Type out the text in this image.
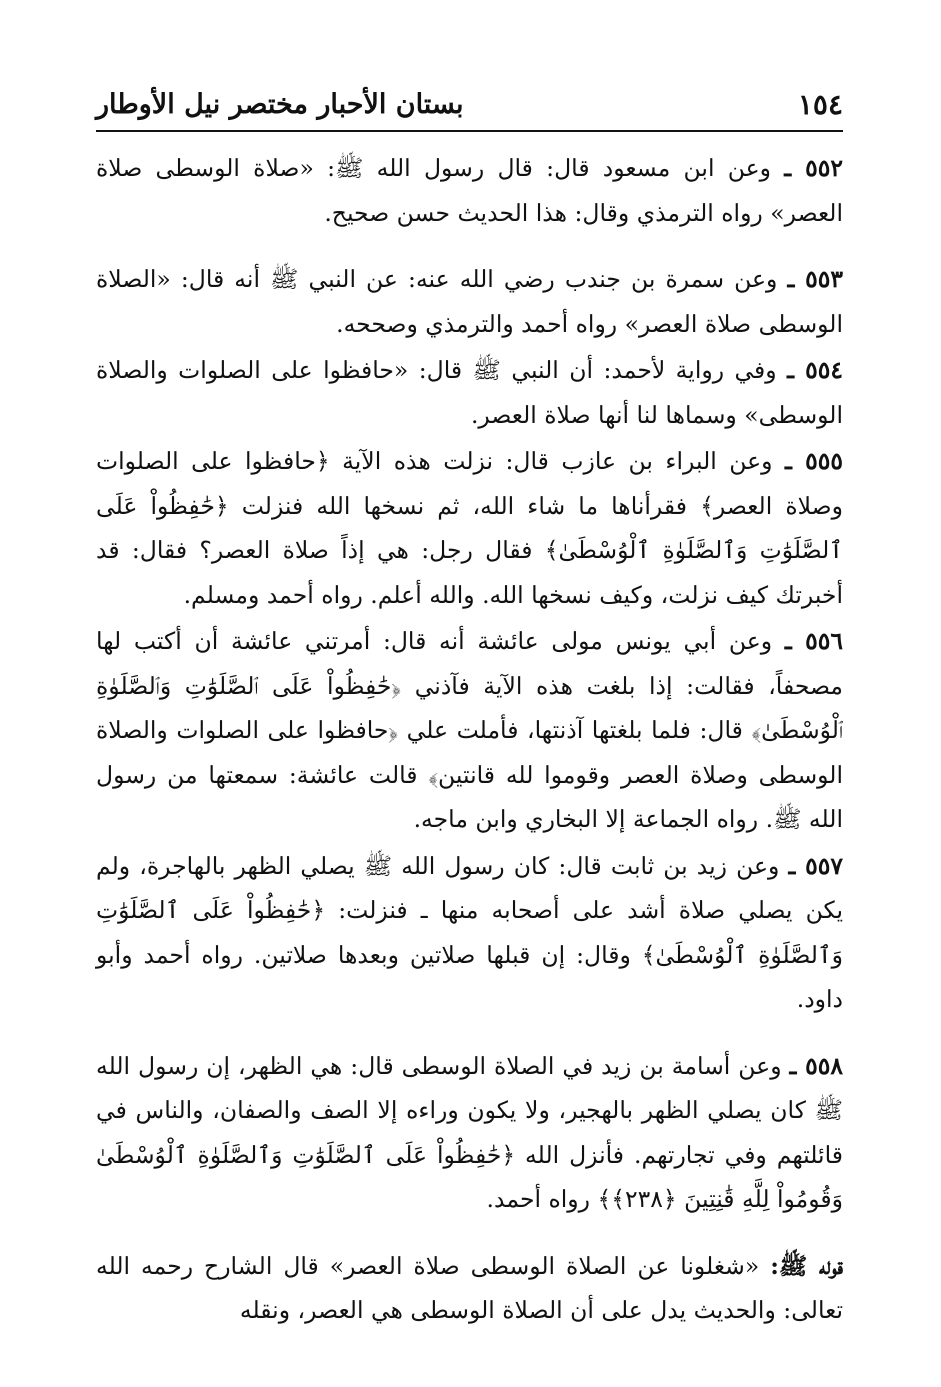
١٥٤
بستان الأحبار مختصر نيل الأوطار

٥٥٢ ـ وعن ابن مسعود قال: قال رسول الله ﷺ: «صلاة الوسطى صلاة العصر» رواه الترمذي وقال: هذا الحديث حسن صحيح.

٥٥٣ ـ وعن سمرة بن جندب رضي الله عنه: عن النبي ﷺ أنه قال: «الصلاة الوسطى صلاة العصر» رواه أحمد والترمذي وصححه.

٥٥٤ ـ وفي رواية لأحمد: أن النبي ﷺ قال: «حافظوا على الصلوات والصلاة الوسطى» وسماها لنا أنها صلاة العصر.

٥٥٥ ـ وعن البراء بن عازب قال: نزلت هذه الآية ﴿حافظوا على الصلوات وصلاة العصر﴾ فقرأناها ما شاء الله، ثم نسخها الله فنزلت ﴿حَٰفِظُواْ عَلَى ٱلصَّلَوَٰتِ وَٱلصَّلَوٰةِ ٱلْوُسْطَىٰ﴾ فقال رجل: هي إذاً صلاة العصر؟ فقال: قد أخبرتك كيف نزلت، وكيف نسخها الله. والله أعلم. رواه أحمد ومسلم.

٥٥٦ ـ وعن أبي يونس مولى عائشة أنه قال: أمرتني عائشة أن أكتب لها مصحفاً، فقالت: إذا بلغت هذه الآية فآذني ﴿حَٰفِظُواْ عَلَى ٱلصَّلَوَٰتِ وَٱلصَّلَوٰةِ ٱلْوُسْطَىٰ﴾ قال: فلما بلغتها آذنتها، فأملت علي ﴿حافظوا على الصلوات والصلاة الوسطى وصلاة العصر وقوموا لله قانتين﴾ قالت عائشة: سمعتها من رسول الله ﷺ. رواه الجماعة إلا البخاري وابن ماجه.

٥٥٧ ـ وعن زيد بن ثابت قال: كان رسول الله ﷺ يصلي الظهر بالهاجرة، ولم يكن يصلي صلاة أشد على أصحابه منها ـ فنزلت: ﴿حَٰفِظُواْ عَلَى ٱلصَّلَوَٰتِ وَٱلصَّلَوٰةِ ٱلْوُسْطَىٰ﴾ وقال: إن قبلها صلاتين وبعدها صلاتين. رواه أحمد وأبو داود.

٥٥٨ ـ وعن أسامة بن زيد في الصلاة الوسطى قال: هي الظهر، إن رسول الله ﷺ كان يصلي الظهر بالهجير، ولا يكون وراءه إلا الصف والصفان، والناس في قائلتهم وفي تجارتهم. فأنزل الله ﴿حَٰفِظُواْ عَلَى ٱلصَّلَوَٰتِ وَٱلصَّلَوٰةِ ٱلْوُسْطَىٰ وَقُومُواْ لِلَّهِ قَٰنِتِينَ ﴿٢٣٨﴾﴾ رواه أحمد.

قوله ﷺ: «شغلونا عن الصلاة الوسطى صلاة العصر» قال الشارح رحمه الله تعالى: والحديث يدل على أن الصلاة الوسطى هي العصر، ونقله
